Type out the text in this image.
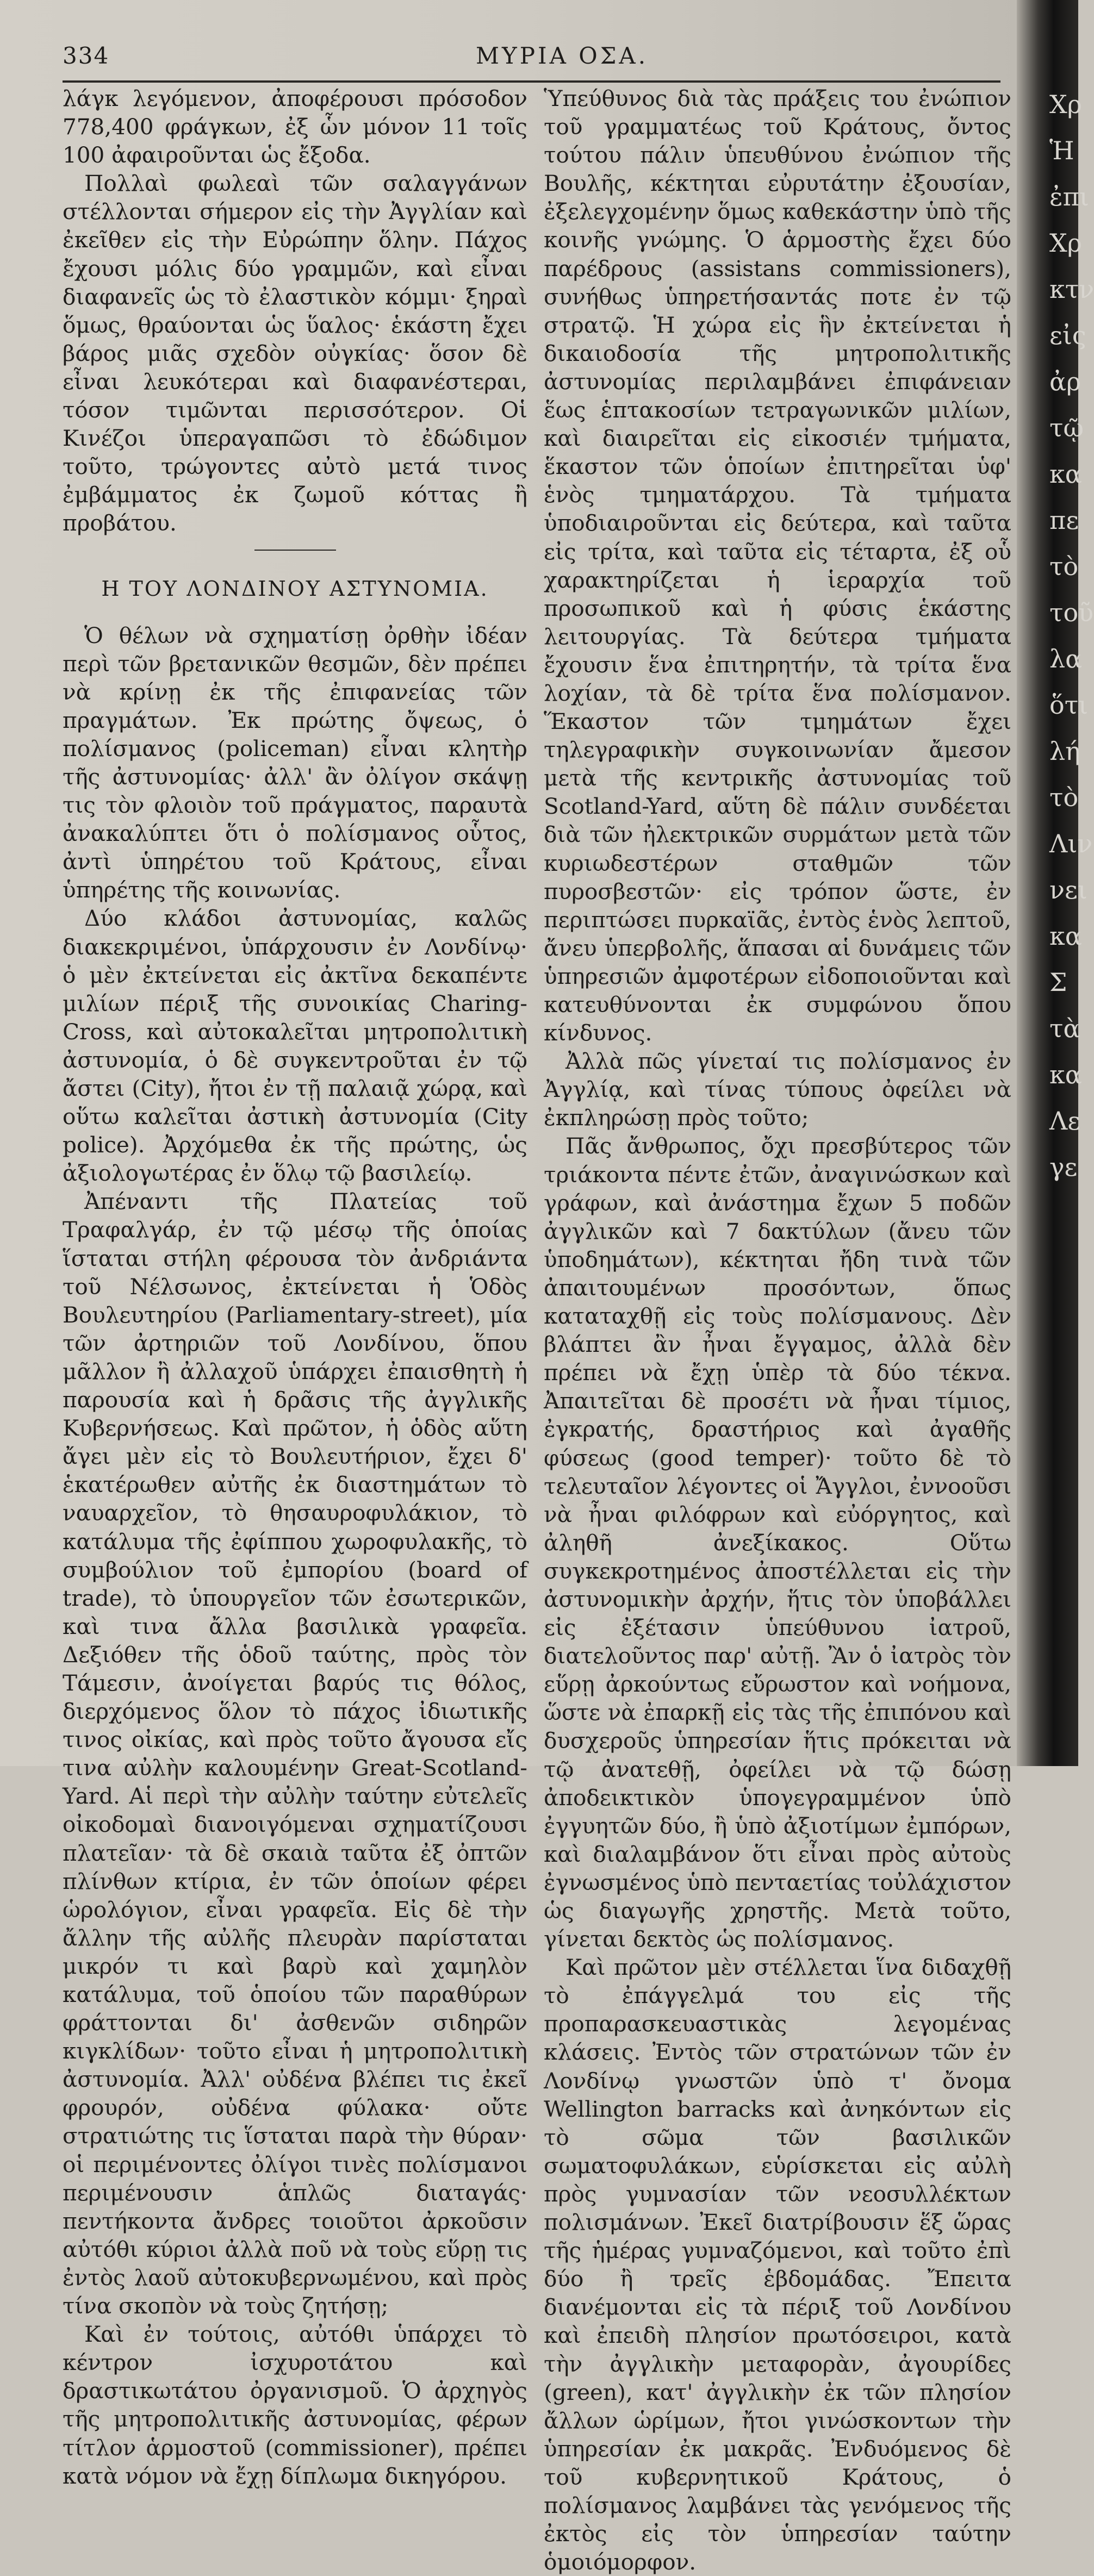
334	ΜΥΡΙΑ ΟΣΑ.

λάγκ λεγόμενον, ἀποφέρουσι πρόσοδον 778,400 φράγκων, ἐξ ὧν μόνον 11 τοῖς 100 ἀφαιροῦνται ὡς ἔξοδα.

Πολλαὶ φωλεαὶ τῶν σαλαγγάνων στέλλονται σήμερον εἰς τὴν Ἀγγλίαν καὶ ἐκεῖθεν εἰς τὴν Εὐρώπην ὅλην. Πάχος ἔχουσι μόλις δύο γραμμῶν, καὶ εἶναι διαφανεῖς ὡς τὸ ἐλαστικὸν κόμμι· ξηραὶ ὅμως, θραύονται ὡς ὕαλος· ἑκάστη ἔχει βάρος μιᾶς σχεδὸν οὐγκίας· ὅσον δὲ εἶναι λευκότεραι καὶ διαφανέστεραι, τόσον τιμῶνται περισσότερον. Οἱ Κινέζοι ὑπεραγαπῶσι τὸ ἐδώδιμον τοῦτο, τρώγοντες αὐτὸ μετά τινος ἐμβάμματος ἐκ ζωμοῦ κόττας ἢ προβάτου.

Η ΤΟΥ ΛΟΝΔΙΝΟΥ ΑΣΤΥΝΟΜΙΑ.

Ὁ θέλων νὰ σχηματίσῃ ὀρθὴν ἰδέαν περὶ τῶν βρετανικῶν θεσμῶν, δὲν πρέπει νὰ κρίνῃ ἐκ τῆς ἐπιφανείας τῶν πραγμάτων. Ἐκ πρώτης ὄψεως, ὁ πολίσμανος (policeman) εἶναι κλητὴρ τῆς ἀστυνομίας· ἀλλ' ἂν ὀλίγον σκάψῃ τις τὸν φλοιὸν τοῦ πράγματος, παραυτὰ ἀνακαλύπτει ὅτι ὁ πολίσμανος οὗτος, ἀντὶ ὑπηρέτου τοῦ Κράτους, εἶναι ὑπηρέτης τῆς κοινωνίας.

Δύο κλάδοι ἀστυνομίας, καλῶς διακεκριμένοι, ὑπάρχουσιν ἐν Λονδίνῳ· ὁ μὲν ἐκτείνεται εἰς ἀκτῖνα δεκαπέντε μιλίων πέριξ τῆς συνοικίας Charing-Cross, καὶ αὐτοκαλεῖται μητροπολιτικὴ ἀστυνομία, ὁ δὲ συγκεντροῦται ἐν τῷ ἄστει (City), ἤτοι ἐν τῇ παλαιᾷ χώρᾳ, καὶ οὕτω καλεῖται ἀστικὴ ἀστυνομία (City police). Ἀρχόμεθα ἐκ τῆς πρώτης, ὡς ἀξιολογωτέρας ἐν ὅλῳ τῷ βασιλείῳ.

Ἀπέναντι τῆς Πλατείας τοῦ Τραφαλγάρ, ἐν τῷ μέσῳ τῆς ὁποίας ἵσταται στήλη φέρουσα τὸν ἀνδριάντα τοῦ Νέλσωνος, ἐκτείνεται ἡ Ὁδὸς Βουλευτηρίου (Parliamentary-street), μία τῶν ἀρτηριῶν τοῦ Λονδίνου, ὅπου μᾶλλον ἢ ἀλλαχοῦ ὑπάρχει ἐπαισθητὴ ἡ παρουσία καὶ ἡ δρᾶσις τῆς ἀγγλικῆς Κυβερνήσεως. Καὶ πρῶτον, ἡ ὁδὸς αὕτη ἄγει μὲν εἰς τὸ Βουλευτήριον, ἔχει δ' ἑκατέρωθεν αὐτῆς ἐκ διαστημάτων τὸ ναυαρχεῖον, τὸ θησαυροφυλάκιον, τὸ κατάλυμα τῆς ἐφίππου χωροφυλακῆς, τὸ συμβούλιον τοῦ ἐμπορίου (board of trade), τὸ ὑπουργεῖον τῶν ἐσωτερικῶν, καὶ τινα ἄλλα βασιλικὰ γραφεῖα. Δεξιόθεν τῆς ὁδοῦ ταύτης, πρὸς τὸν Τάμεσιν, ἀνοίγεται βαρύς τις θόλος, διερχόμενος ὅλον τὸ πάχος ἰδιωτικῆς τινος οἰκίας, καὶ πρὸς τοῦτο ἄγουσα εἴς τινα αὐλὴν καλουμένην Great-Scotland-Yard. Αἱ περὶ τὴν αὐλὴν ταύτην εὐτελεῖς οἰκοδομαὶ διανοιγόμεναι σχηματίζουσι πλατεῖαν· τὰ δὲ σκαιὰ ταῦτα ἐξ ὀπτῶν πλίνθων κτίρια, ἐν τῶν ὁποίων φέρει ὡρολόγιον, εἶναι γραφεῖα. Εἰς δὲ τὴν ἄλλην τῆς αὐλῆς πλευρὰν παρίσταται μικρόν τι καὶ βαρὺ καὶ χαμηλὸν κατάλυμα, τοῦ ὁποίου τῶν παραθύρων φράττονται δι' ἀσθενῶν σιδηρῶν κιγκλίδων· τοῦτο εἶναι ἡ μητροπολιτικὴ ἀστυνομία. Ἀλλ' οὐδένα βλέπει τις ἐκεῖ φρουρόν, οὐδένα φύλακα· οὔτε στρατιώτης τις ἵσταται παρὰ τὴν θύραν· οἱ περιμένοντες ὀλίγοι τινὲς πολίσμανοι περιμένουσιν ἁπλῶς διαταγάς· πεντήκοντα ἄνδρες τοιοῦτοι ἀρκοῦσιν αὐτόθι κύριοι ἀλλὰ ποῦ νὰ τοὺς εὕρῃ τις ἐντὸς λαοῦ αὐτοκυβερνωμένου, καὶ πρὸς τίνα σκοπὸν νὰ τοὺς ζητήσῃ;

Καὶ ἐν τούτοις, αὐτόθι ὑπάρχει τὸ κέντρον ἰσχυροτάτου καὶ δραστικωτάτου ὀργανισμοῦ. Ὁ ἀρχηγὸς τῆς μητροπολιτικῆς ἀστυνομίας, φέρων τίτλον ἁρμοστοῦ (commissioner), πρέπει κατὰ νόμον νὰ ἔχῃ δίπλωμα δικηγόρου.

Ὑπεύθυνος διὰ τὰς πράξεις του ἐνώπιον τοῦ γραμματέως τοῦ Κράτους, ὄντος τούτου πάλιν ὑπευθύνου ἐνώπιον τῆς Βουλῆς, κέκτηται εὐρυτάτην ἐξουσίαν, ἐξελεγχομένην ὅμως καθεκάστην ὑπὸ τῆς κοινῆς γνώμης. Ὁ ἁρμοστὴς ἔχει δύο παρέδρους (assistans commissioners), συνήθως ὑπηρετήσαντάς ποτε ἐν τῷ στρατῷ. Ἡ χώρα εἰς ἣν ἐκτείνεται ἡ δικαιοδοσία τῆς μητροπολιτικῆς ἀστυνομίας περιλαμβάνει ἐπιφάνειαν ἕως ἑπτακοσίων τετραγωνικῶν μιλίων, καὶ διαιρεῖται εἰς εἰκοσιέν τμήματα, ἕκαστον τῶν ὁποίων ἐπιτηρεῖται ὑφ' ἑνὸς τμηματάρχου. Τὰ τμήματα ὑποδιαιροῦνται εἰς δεύτερα, καὶ ταῦτα εἰς τρίτα, καὶ ταῦτα εἰς τέταρτα, ἐξ οὗ χαρακτηρίζεται ἡ ἱεραρχία τοῦ προσωπικοῦ καὶ ἡ φύσις ἑκάστης λειτουργίας. Τὰ δεύτερα τμήματα ἔχουσιν ἕνα ἐπιτηρητήν, τὰ τρίτα ἕνα λοχίαν, τὰ δὲ τρίτα ἕνα πολίσμανον. Ἕκαστον τῶν τμημάτων ἔχει τηλεγραφικὴν συγκοινωνίαν ἄμεσον μετὰ τῆς κεντρικῆς ἀστυνομίας τοῦ Scotland-Yard, αὕτη δὲ πάλιν συνδέεται διὰ τῶν ἠλεκτρικῶν συρμάτων μετὰ τῶν κυριωδεστέρων σταθμῶν τῶν πυροσβεστῶν· εἰς τρόπον ὥστε, ἐν περιπτώσει πυρκαϊᾶς, ἐντὸς ἑνὸς λεπτοῦ, ἄνευ ὑπερβολῆς, ἅπασαι αἱ δυνάμεις τῶν ὑπηρεσιῶν ἀμφοτέρων εἰδοποιοῦνται καὶ κατευθύνονται ἐκ συμφώνου ὅπου κίνδυνος.

Ἀλλὰ πῶς γίνεταί τις πολίσμανος ἐν Ἀγγλίᾳ, καὶ τίνας τύπους ὀφείλει νὰ ἐκπληρώσῃ πρὸς τοῦτο;

Πᾶς ἄνθρωπος, ὄχι πρεσβύτερος τῶν τριάκοντα πέντε ἐτῶν, ἀναγινώσκων καὶ γράφων, καὶ ἀνάστημα ἔχων 5 ποδῶν ἀγγλικῶν καὶ 7 δακτύλων (ἄνευ τῶν ὑποδημάτων), κέκτηται ἤδη τινὰ τῶν ἀπαιτουμένων προσόντων, ὅπως καταταχθῇ εἰς τοὺς πολίσμανους. Δὲν βλάπτει ἂν ἦναι ἔγγαμος, ἀλλὰ δὲν πρέπει νὰ ἔχῃ ὑπὲρ τὰ δύο τέκνα. Ἀπαιτεῖται δὲ προσέτι νὰ ἦναι τίμιος, ἐγκρατής, δραστήριος καὶ ἀγαθῆς φύσεως (good temper)· τοῦτο δὲ τὸ τελευταῖον λέγοντες οἱ Ἄγγλοι, ἐννοοῦσι νὰ ἦναι φιλόφρων καὶ εὐόργητος, καὶ ἀληθῆ ἀνεξίκακος. Οὕτω συγκεκροτημένος ἀποστέλλεται εἰς τὴν ἀστυνομικὴν ἀρχήν, ἥτις τὸν ὑποβάλλει εἰς ἐξέτασιν ὑπεύθυνου ἰατροῦ, διατελοῦντος παρ' αὐτῇ. Ἂν ὁ ἰατρὸς τὸν εὕρῃ ἀρκούντως εὔρωστον καὶ νοήμονα, ὥστε νὰ ἐπαρκῇ εἰς τὰς τῆς ἐπιπόνου καὶ δυσχεροῦς ὑπηρεσίαν ἥτις πρόκειται νὰ τῷ ἀνατεθῇ, ὀφείλει νὰ τῷ δώσῃ ἀποδεικτικὸν ὑπογεγραμμένον ὑπὸ ἐγγυητῶν δύο, ἢ ὑπὸ ἀξιοτίμων ἐμπόρων, καὶ διαλαμβάνον ὅτι εἶναι πρὸς αὐτοὺς ἐγνωσμένος ὑπὸ πενταετίας τοὐλάχιστον ὡς διαγωγῆς χρηστῆς. Μετὰ τοῦτο, γίνεται δεκτὸς ὡς πολίσμανος.

Καὶ πρῶτον μὲν στέλλεται ἵνα διδαχθῇ τὸ ἐπάγγελμά του εἰς τῆς προπαρασκευαστικὰς λεγομένας κλάσεις. Ἐντὸς τῶν στρατώνων τῶν ἐν Λονδίνῳ γνωστῶν ὑπὸ τ' ὄνομα Wellington barracks καὶ ἀνηκόντων εἰς τὸ σῶμα τῶν βασιλικῶν σωματοφυλάκων, εὑρίσκεται εἰς αὐλὴ πρὸς γυμνασίαν τῶν νεοσυλλέκτων πολισμάνων. Ἐκεῖ διατρίβουσιν ἕξ ὥρας τῆς ἡμέρας γυμναζόμενοι, καὶ τοῦτο ἐπὶ δύο ἢ τρεῖς ἑβδομάδας. Ἔπειτα διανέμονται εἰς τὰ πέριξ τοῦ Λονδίνου καὶ ἐπειδὴ πλησίον πρωτόσειροι, κατὰ τὴν ἀγγλικὴν μεταφορὰν, ἀγουρίδες (green), κατ' ἀγγλικὴν ἐκ τῶν πλησίον ἄλλων ὡρίμων, ἤτοι γινώσκοντων τὴν ὑπηρεσίαν ἐκ μακρᾶς. Ἐνδυόμενος δὲ τοῦ κυβερνητικοῦ Κράτους, ὁ πολίσμανος λαμβάνει τὰς γενόμενος τῆς ἐκτὸς εἰς τὸν ὑπηρεσίαν ταύτην ὁμοιόμορφον.

Χρ
Ἡ
ἐπι
Χρ
κτν
εἰς
ἀρ
τῷ
κα
πε
τὸ
τοῦ
λα
ὅτι
λή
τὸ
Λιν
νει
κα
Σ
τὰ
κα
Λε
γε
